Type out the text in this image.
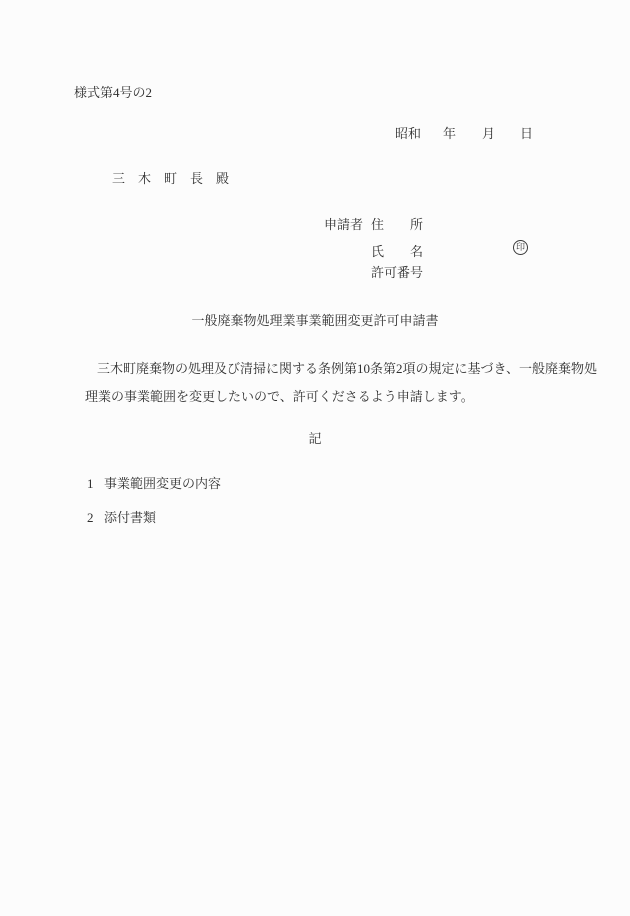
様式第4号の2
昭和 年 月 日
三　木　町　長　殿
申請者 住　　所
氏　　名	印
許可番号
一般廃棄物処理業事業範囲変更許可申請書
三木町廃棄物の処理及び清掃に関する条例第10条第2項の規定に基づき、一般廃棄物処
理業の事業範囲を変更したいので、許可くださるよう申請します。
記
1 事業範囲変更の内容
2 添付書類
